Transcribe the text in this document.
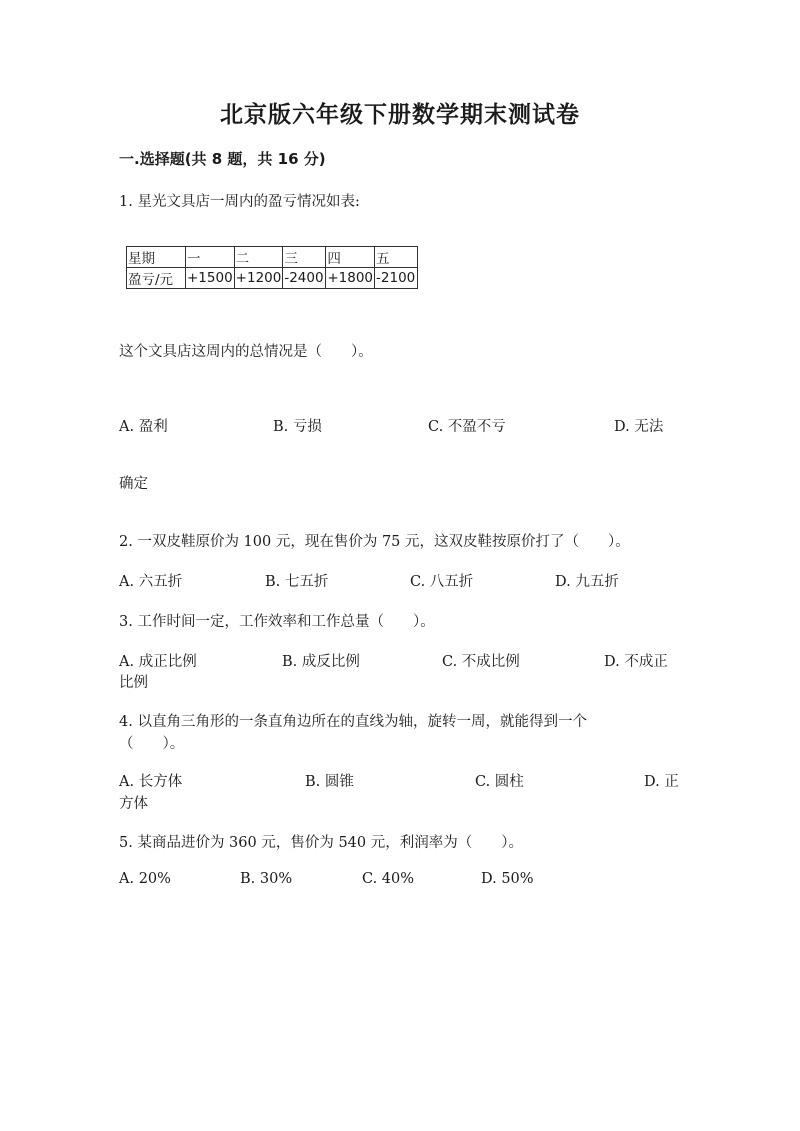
北京版六年级下册数学期末测试卷
一.选择题(共 8 题，共 16 分)
1. 星光文具店一周内的盈亏情况如表:
星期	一	二	三	四	五
盈亏/元	+1500	+1200	-2400	+1800	-2100
这个文具店这周内的总情况是（　　）。
A. 盈利	B. 亏损	C. 不盈不亏	D. 无法
确定
2. 一双皮鞋原价为 100 元，现在售价为 75 元，这双皮鞋按原价打了（　　）。
A. 六五折	B. 七五折	C. 八五折	D. 九五折
3. 工作时间一定，工作效率和工作总量（　　）。
A. 成正比例	B. 成反比例	C. 不成比例	D. 不成正
比例
4. 以直角三角形的一条直角边所在的直线为轴，旋转一周，就能得到一个
（　　）。
A. 长方体	B. 圆锥	C. 圆柱	D. 正
方体
5. 某商品进价为 360 元，售价为 540 元，利润率为（　　）。
A. 20%	B. 30%	C. 40%	D. 50%
